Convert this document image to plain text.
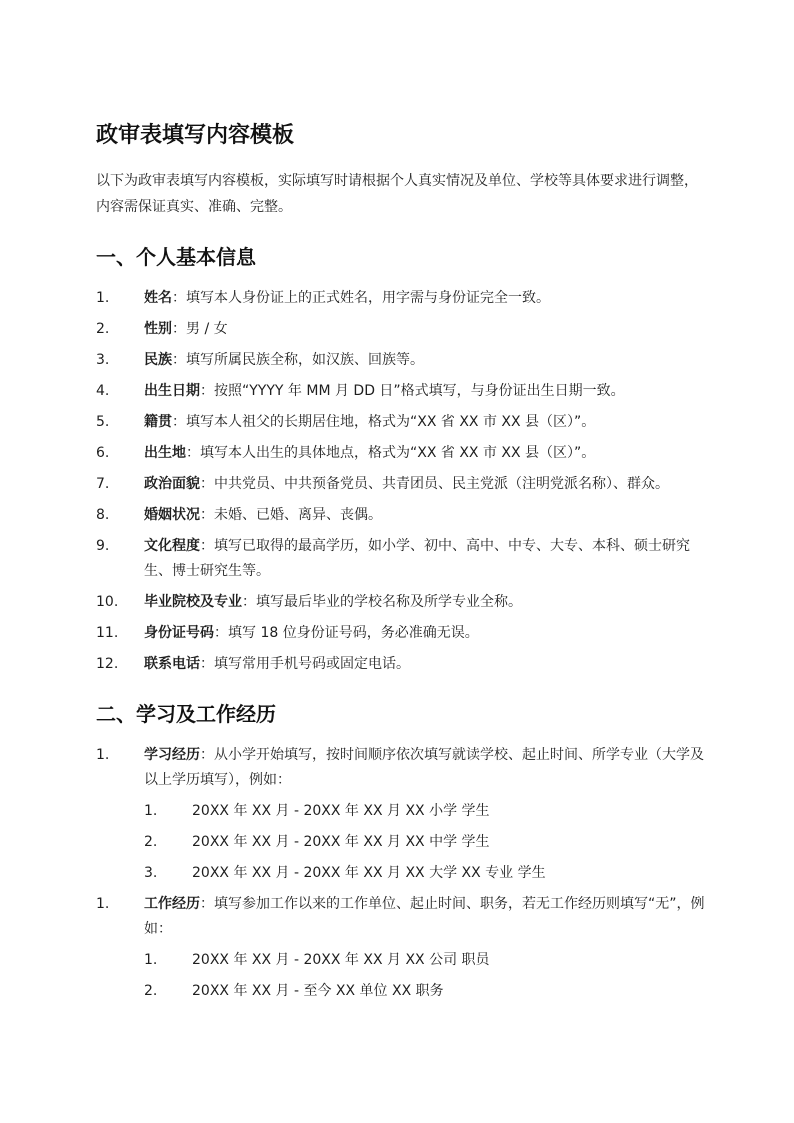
政审表填写内容模板

以下为政审表填写内容模板，实际填写时请根据个人真实情况及单位、学校等具体要求进行调整，内容需保证真实、准确、完整。

一、个人基本信息
1.	姓名：填写本人身份证上的正式姓名，用字需与身份证完全一致。
2.	性别：男 / 女
3.	民族：填写所属民族全称，如汉族、回族等。
4.	出生日期：按照“YYYY 年 MM 月 DD 日”格式填写，与身份证出生日期一致。
5.	籍贯：填写本人祖父的长期居住地，格式为“XX 省 XX 市 XX 县（区）”。
6.	出生地：填写本人出生的具体地点，格式为“XX 省 XX 市 XX 县（区）”。
7.	政治面貌：中共党员、中共预备党员、共青团员、民主党派（注明党派名称）、群众。
8.	婚姻状况：未婚、已婚、离异、丧偶。
9.	文化程度：填写已取得的最高学历，如小学、初中、高中、中专、大专、本科、硕士研究生、博士研究生等。
10.	毕业院校及专业：填写最后毕业的学校名称及所学专业全称。
11.	身份证号码：填写 18 位身份证号码，务必准确无误。
12.	联系电话：填写常用手机号码或固定电话。
二、学习及工作经历
1.	学习经历：从小学开始填写，按时间顺序依次填写就读学校、起止时间、所学专业（大学及以上学历填写），例如：
1.	20XX 年 XX 月 - 20XX 年 XX 月 XX 小学 学生
2.	20XX 年 XX 月 - 20XX 年 XX 月 XX 中学 学生
3.	20XX 年 XX 月 - 20XX 年 XX 月 XX 大学 XX 专业 学生
1.	工作经历：填写参加工作以来的工作单位、起止时间、职务，若无工作经历则填写“无”，例如：
1.	20XX 年 XX 月 - 20XX 年 XX 月 XX 公司 职员
2.	20XX 年 XX 月 - 至今 XX 单位 XX 职务
